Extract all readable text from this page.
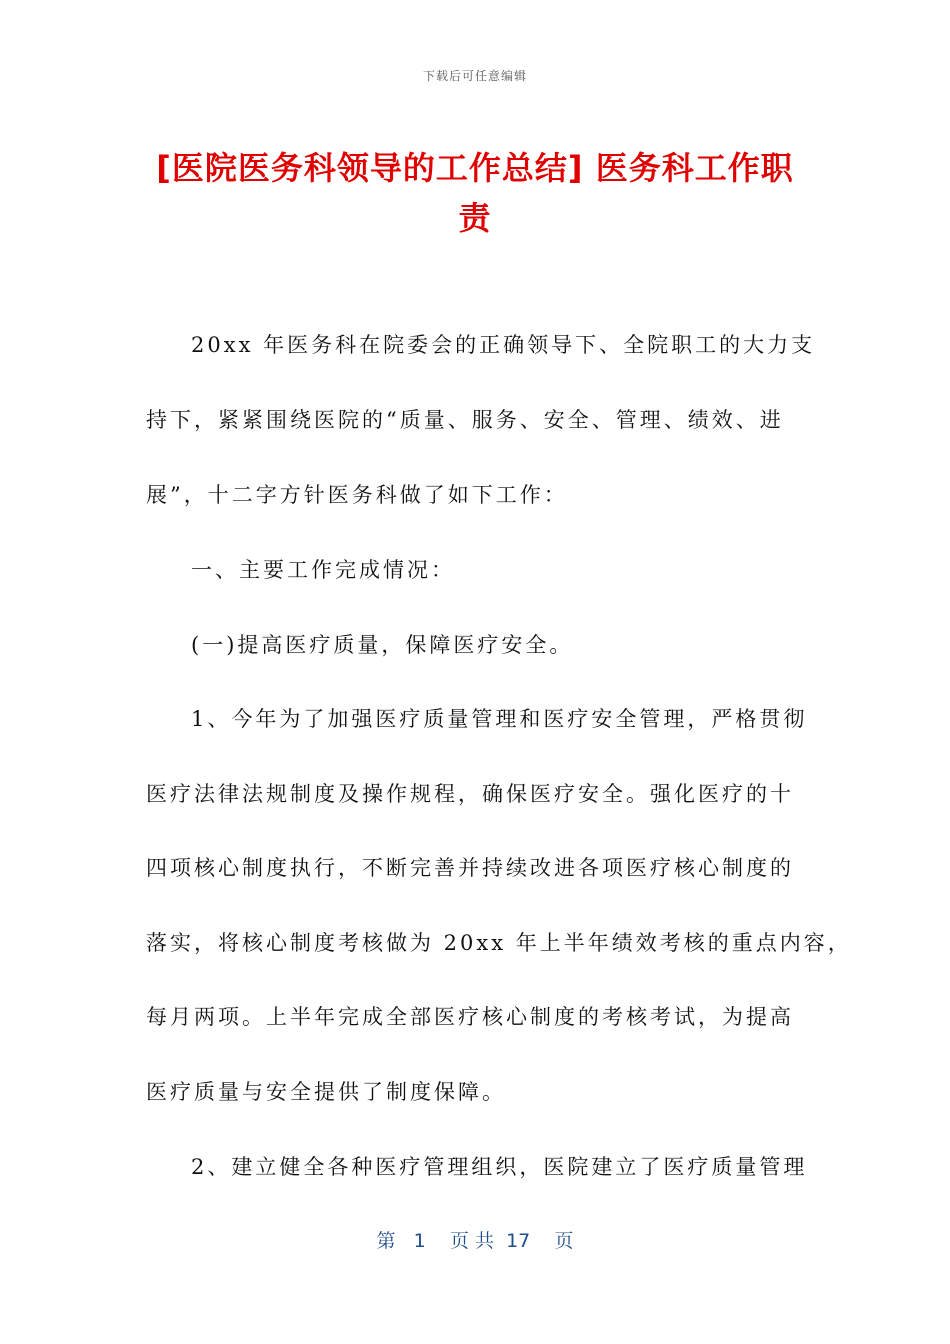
下载后可任意编辑
[医院医务科领导的工作总结] 医务科工作职
责
20xx 年医务科在院委会的正确领导下、全院职工的大力支
持下，紧紧围绕医院的“质量、服务、安全、管理、绩效、进
展”，十二字方针医务科做了如下工作：
一、主要工作完成情况：
(一)提高医疗质量，保障医疗安全。
1、今年为了加强医疗质量管理和医疗安全管理，严格贯彻
医疗法律法规制度及操作规程，确保医疗安全。强化医疗的十
四项核心制度执行，不断完善并持续改进各项医疗核心制度的
落实，将核心制度考核做为 20xx 年上半年绩效考核的重点内容，
每月两项。上半年完成全部医疗核心制度的考核考试，为提高
医疗质量与安全提供了制度保障。
2、建立健全各种医疗管理组织，医院建立了医疗质量管理
第 1 页 共 17 页
